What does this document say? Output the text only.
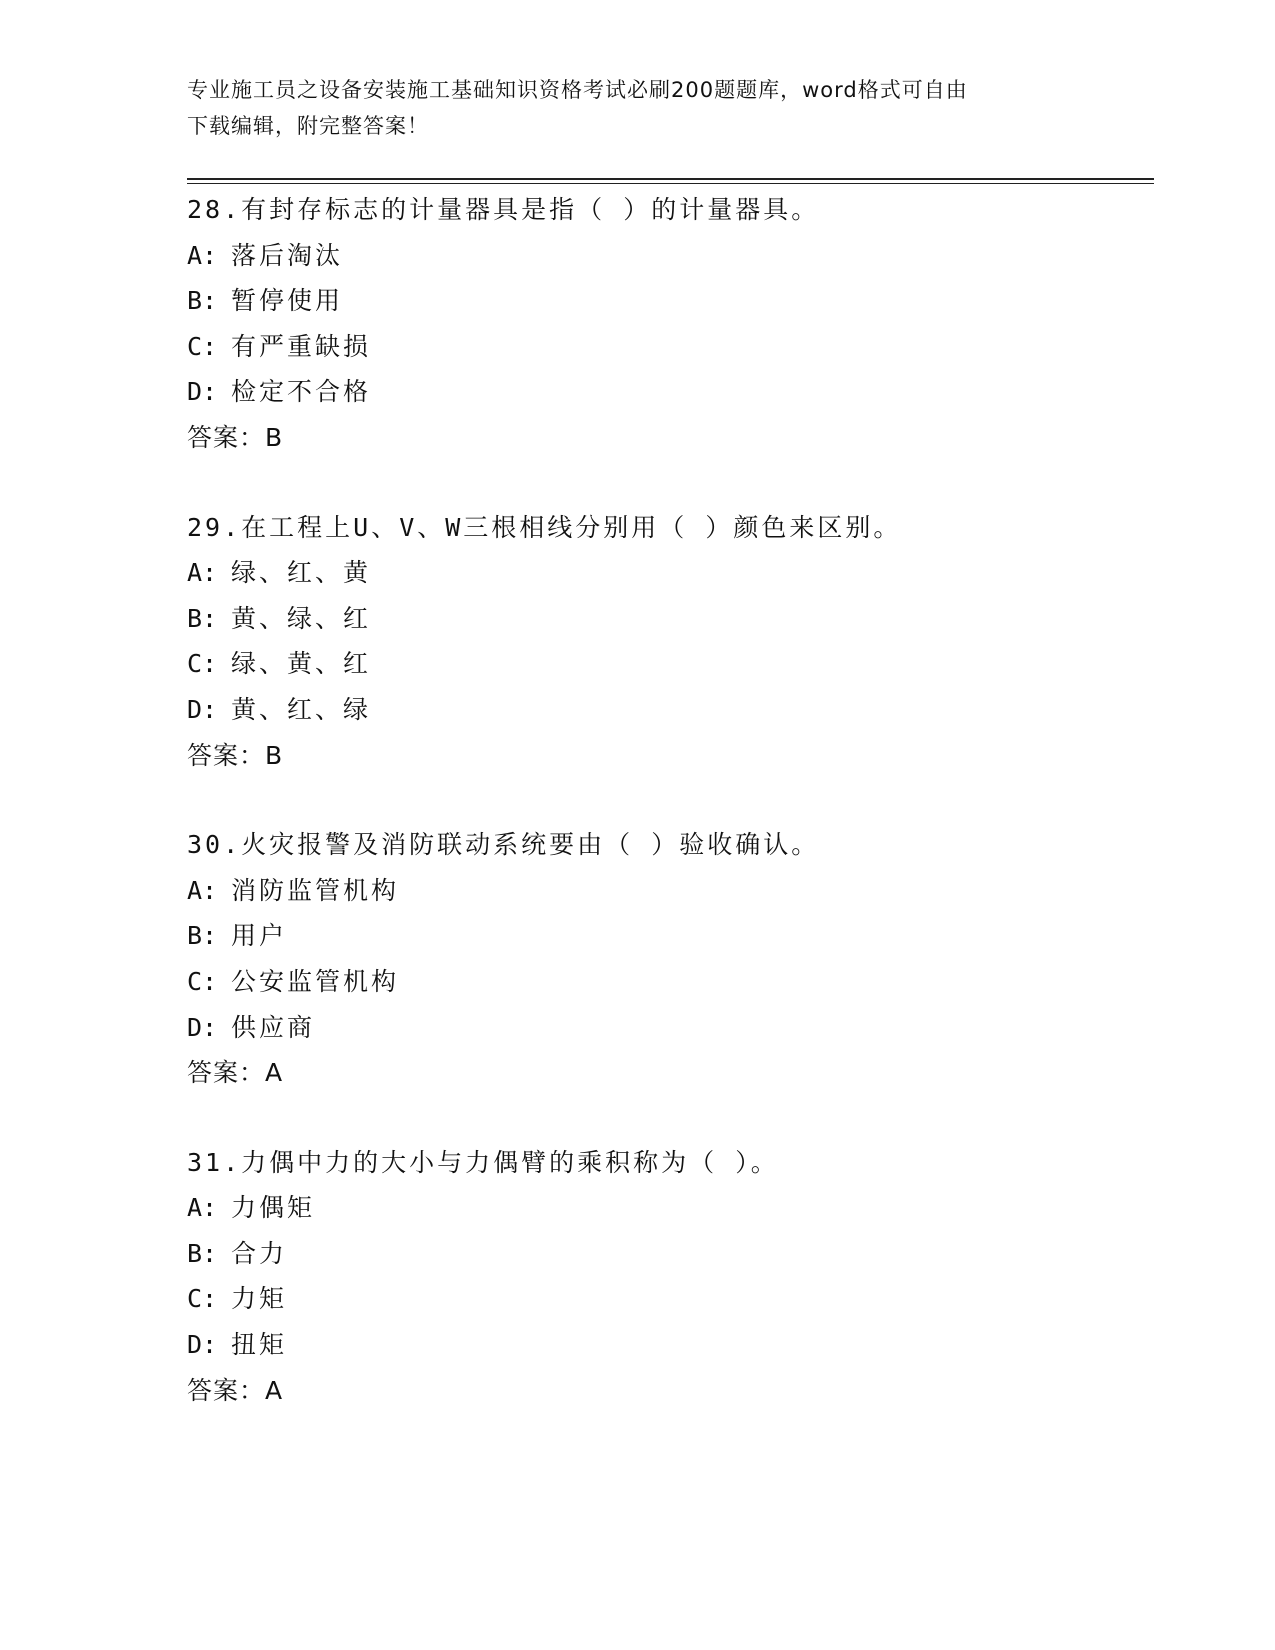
专业施工员之设备安装施工基础知识资格考试必刷200题题库，word格式可自由
下载编辑，附完整答案！
28.有封存标志的计量器具是指（ ）的计量器具。
A: 落后淘汰
B: 暂停使用
C: 有严重缺损
D: 检定不合格
答案：B
29.在工程上U、V、W三根相线分别用（ ）颜色来区别。
A: 绿、红、黄
B: 黄、绿、红
C: 绿、黄、红
D: 黄、红、绿
答案：B
30.火灾报警及消防联动系统要由（ ）验收确认。
A: 消防监管机构
B: 用户
C: 公安监管机构
D: 供应商
答案：A
31.力偶中力的大小与力偶臂的乘积称为（ ）。
A: 力偶矩
B: 合力
C: 力矩
D: 扭矩
答案：A
